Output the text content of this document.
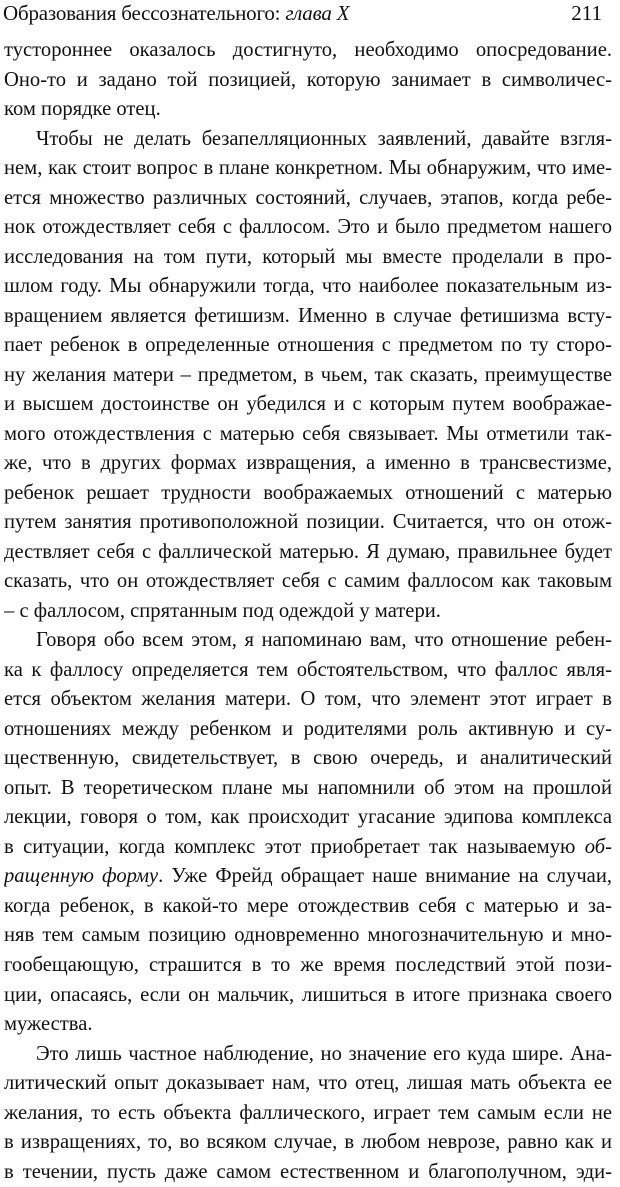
Образования бессознательного: глава X	211
тустороннее оказалось достигнуто, необходимо опосредование.
Оно-то и задано той позицией, которую занимает в символичес-
ком порядке отец.
Чтобы не делать безапелляционных заявлений, давайте взгля-
нем, как стоит вопрос в плане конкретном. Мы обнаружим, что име-
ется множество различных состояний, случаев, этапов, когда ребе-
нок отождествляет себя с фаллосом. Это и было предметом нашего
исследования на том пути, который мы вместе проделали в про-
шлом году. Мы обнаружили тогда, что наиболее показательным из-
вращением является фетишизм. Именно в случае фетишизма всту-
пает ребенок в определенные отношения с предметом по ту сторо-
ну желания матери – предметом, в чьем, так сказать, преимуществе
и высшем достоинстве он убедился и с которым путем воображае-
мого отождествления с матерью себя связывает. Мы отметили так-
же, что в других формах извращения, а именно в трансвестизме,
ребенок решает трудности воображаемых отношений с матерью
путем занятия противоположной позиции. Считается, что он отож-
дествляет себя с фаллической матерью. Я думаю, правильнее будет
сказать, что он отождествляет себя с самим фаллосом как таковым
– с фаллосом, спрятанным под одеждой у матери.
Говоря обо всем этом, я напоминаю вам, что отношение ребен-
ка к фаллосу определяется тем обстоятельством, что фаллос явля-
ется объектом желания матери. О том, что элемент этот играет в
отношениях между ребенком и родителями роль активную и су-
щественную, свидетельствует, в свою очередь, и аналитический
опыт. В теоретическом плане мы напомнили об этом на прошлой
лекции, говоря о том, как происходит угасание эдипова комплекса
в ситуации, когда комплекс этот приобретает так называемую об-
ращенную форму. Уже Фрейд обращает наше внимание на случаи,
когда ребенок, в какой-то мере отождествив себя с матерью и за-
няв тем самым позицию одновременно многозначительную и мно-
гообещающую, страшится в то же время последствий этой пози-
ции, опасаясь, если он мальчик, лишиться в итоге признака своего
мужества.
Это лишь частное наблюдение, но значение его куда шире. Ана-
литический опыт доказывает нам, что отец, лишая мать объекта ее
желания, то есть объекта фаллического, играет тем самым если не
в извращениях, то, во всяком случае, в любом неврозе, равно как и
в течении, пусть даже самом естественном и благополучном, эди-
